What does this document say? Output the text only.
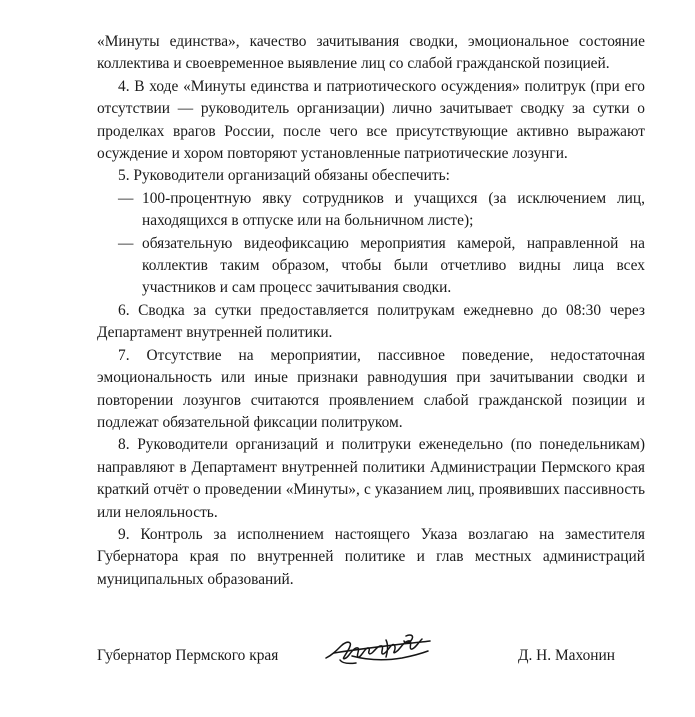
«Минуты единства», качество зачитывания сводки, эмоциональное состояние коллектива и своевременное выявление лиц со слабой гражданской позицией.

4. В ходе «Минуты единства и патриотического осуждения» политрук (при его отсутствии — руководитель организации) лично зачитывает сводку за сутки о проделках врагов России, после чего все присутствующие активно выражают осуждение и хором повторяют установленные патриотические лозунги.

5. Руководители организаций обязаны обеспечить:

— 100-процентную явку сотрудников и учащихся (за исключением лиц, находящихся в отпуске или на больничном листе);
— обязательную видеофиксацию мероприятия камерой, направленной на коллектив таким образом, чтобы были отчетливо видны лица всех участников и сам процесс зачитывания сводки.

6. Сводка за сутки предоставляется политрукам ежедневно до 08:30 через Департамент внутренней политики.

7. Отсутствие на мероприятии, пассивное поведение, недостаточная эмоциональность или иные признаки равнодушия при зачитывании сводки и повторении лозунгов считаются проявлением слабой гражданской позиции и подлежат обязательной фиксации политруком.

8. Руководители организаций и политруки еженедельно (по понедельникам) направляют в Департамент внутренней политики Администрации Пермского края краткий отчёт о проведении «Минуты», с указанием лиц, проявивших пассивность или нелояльность.

9. Контроль за исполнением настоящего Указа возлагаю на заместителя Губернатора края по внутренней политике и глав местных администраций муниципальных образований.

Губернатор Пермского края	Д. Н. Махонин
